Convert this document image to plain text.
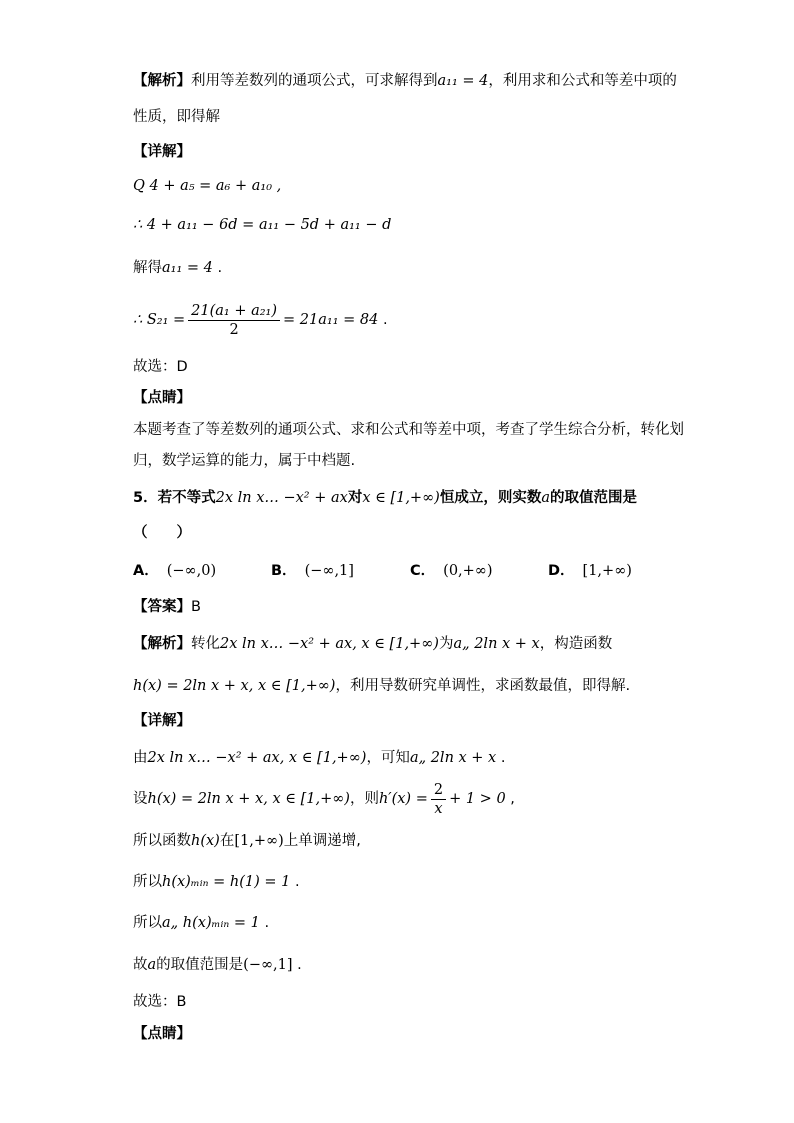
【解析】利用等差数列的通项公式，可求解得到a₁₁ = 4，利用求和公式和等差中项的
性质，即得解
【详解】
Q 4 + a₅ = a₆ + a₁₀ ,
∴ 4 + a₁₁ − 6d = a₁₁ − 5d + a₁₁ − d
解得a₁₁ = 4 .
∴ $S_{21} = \frac{\text{21(a₁ + a₂₁)}}{2} = 21a_{11} = 84$ .
故选：D
【点睛】
本题考查了等差数列的通项公式、求和公式和等差中项，考查了学生综合分析，转化划
归，数学运算的能力，属于中档题.
5．若不等式2x ln x… −x² + ax对x ∈ [1,+∞)恒成立，则实数a的取值范围是
（　　）
A． (−∞,0)	B． (−∞,1]	C． (0,+∞)	D． [1,+∞)
【答案】B
【解析】转化2x ln x… −x² + ax, x ∈ [1,+∞)为a„ 2ln x + x，构造函数
h(x) = 2ln x + x, x ∈ [1,+∞)，利用导数研究单调性，求函数最值，即得解.
【详解】
由2x ln x… −x² + ax, x ∈ [1,+∞)，可知a„ 2ln x + x .
设h(x) = 2ln x + x, x ∈ [1,+∞)，则$h'(x) = \frac{2}{x} + 1 > 0$ ,
所以函数h(x)在[1,+∞)上单调递增,
所以h(x)ₘᵢₙ = h(1) = 1 .
所以a„ h(x)ₘᵢₙ = 1 .
故a的取值范围是(−∞,1] .
故选：B
【点睛】
